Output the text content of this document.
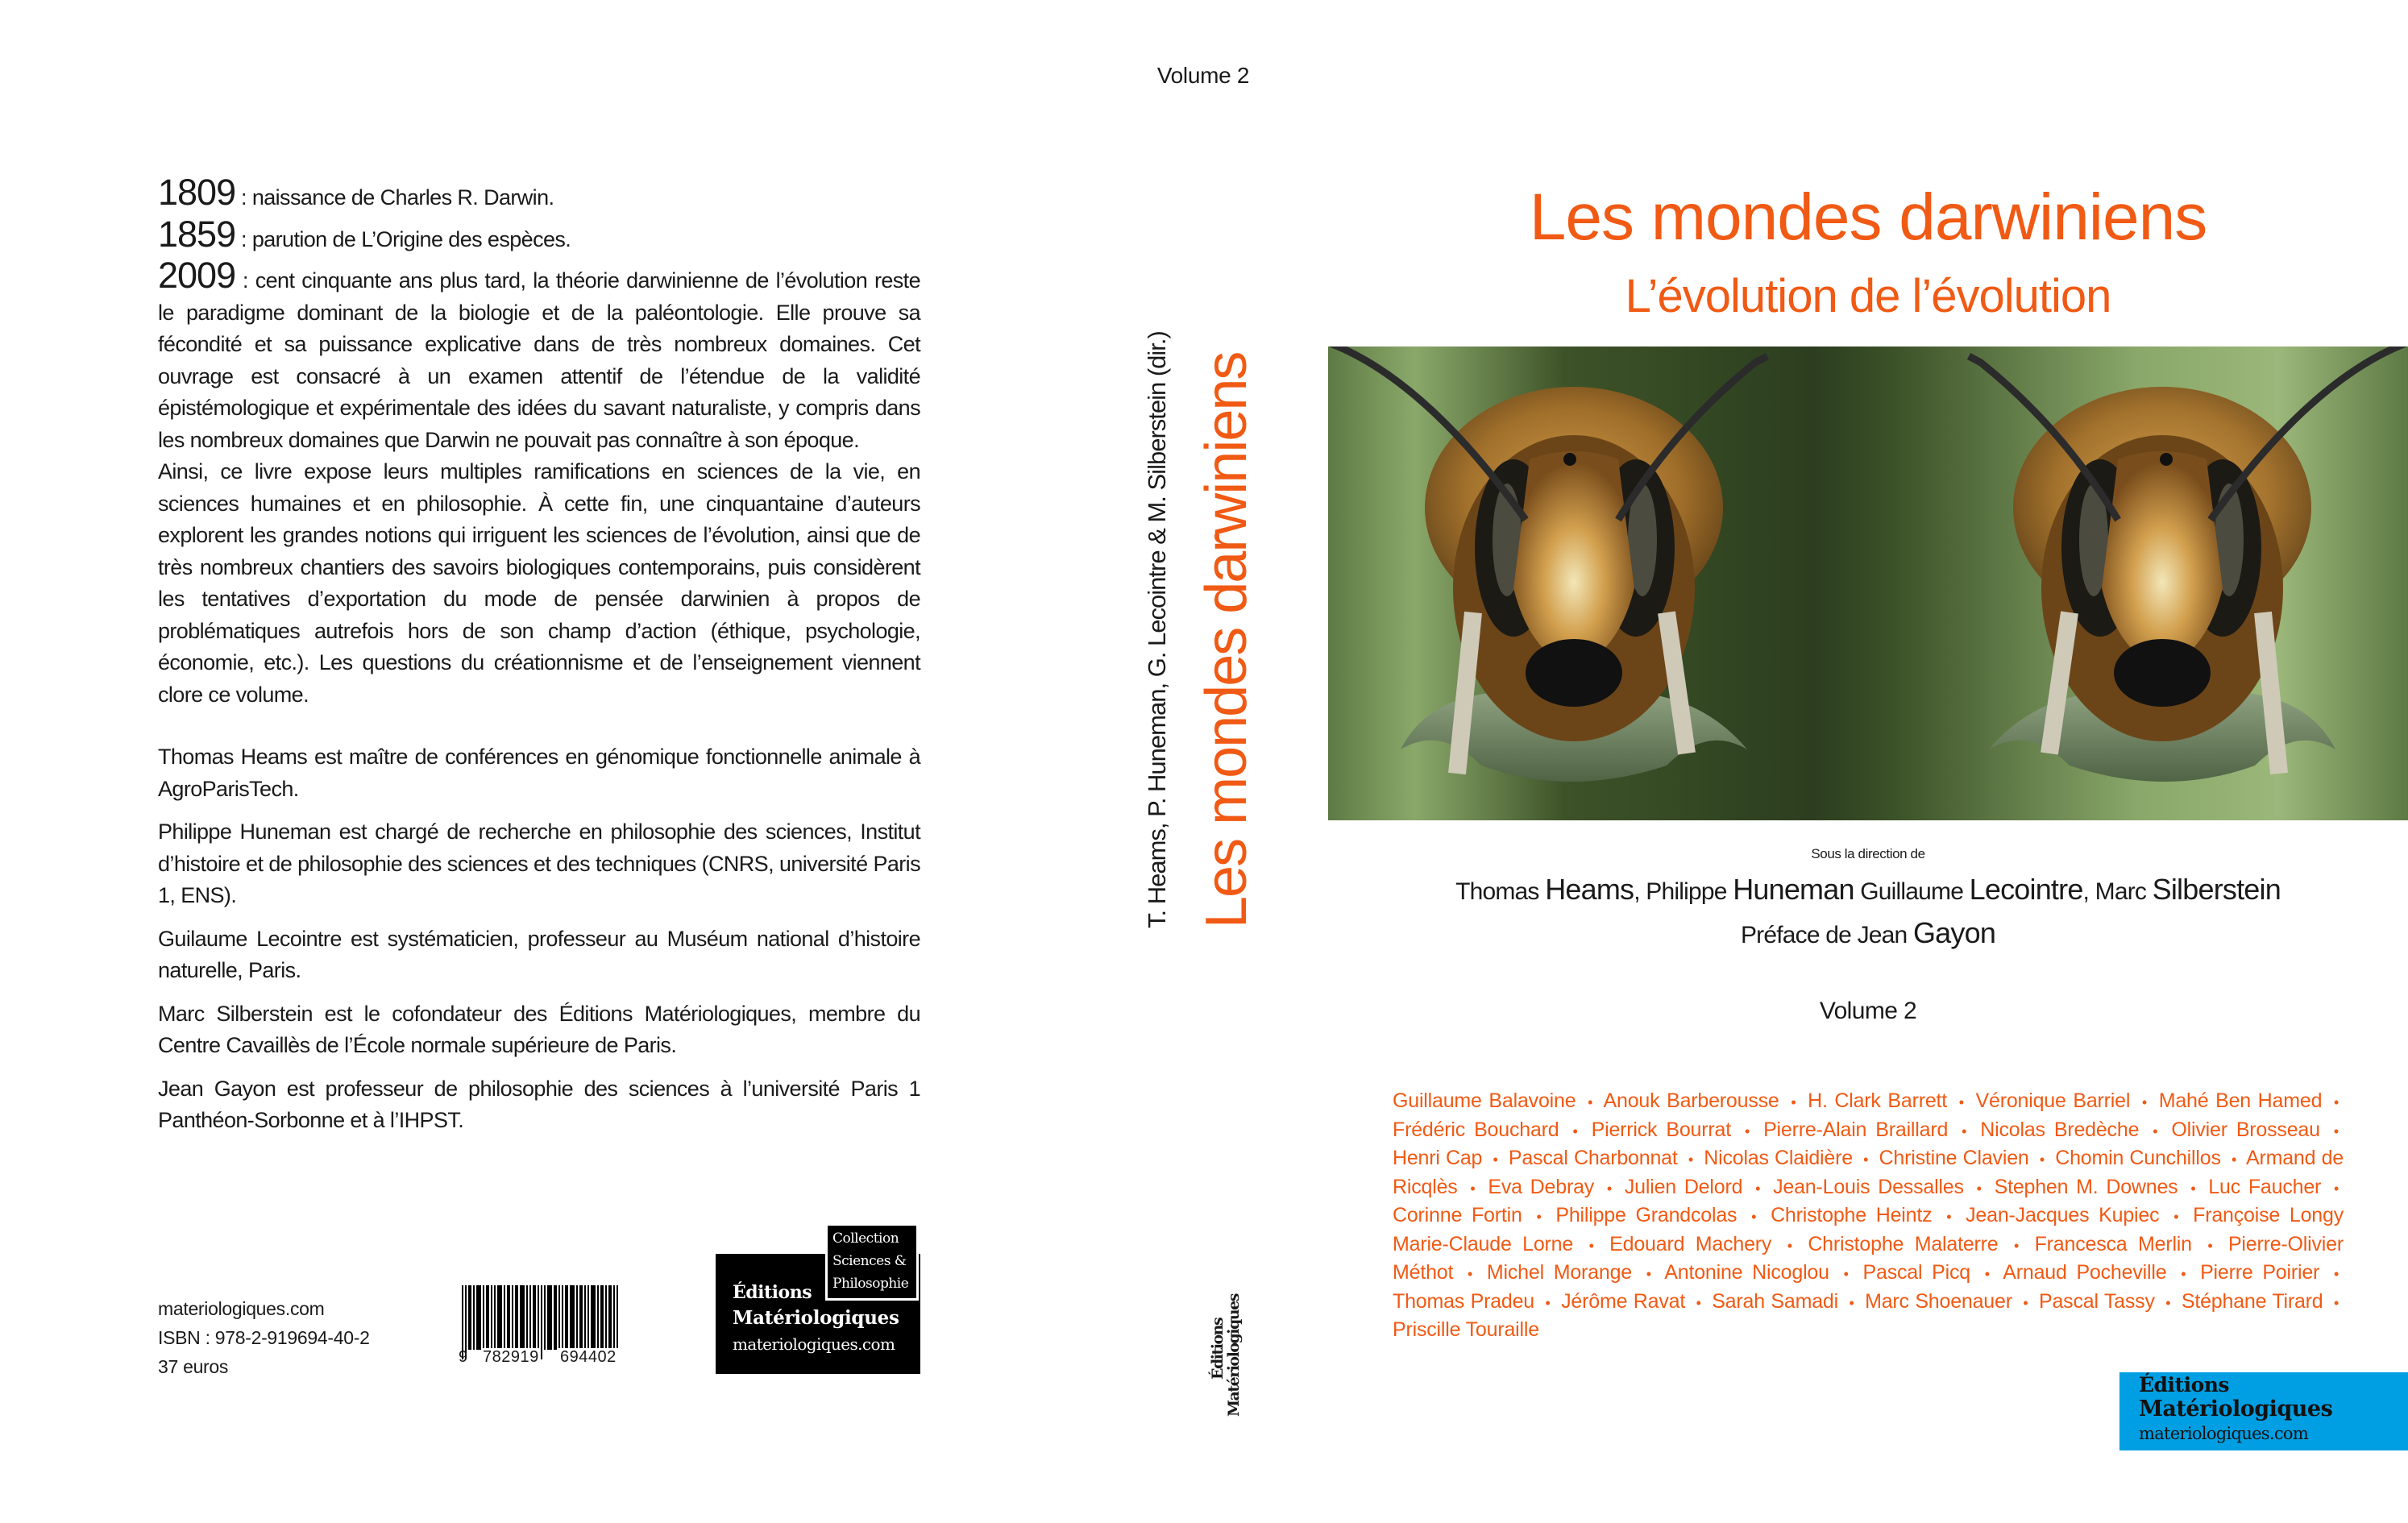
1809 : naissance de Charles R. Darwin.

1859 : parution de L’Origine des espèces.

2009 : cent cinquante ans plus tard, la théorie darwinienne de l’évolution reste le paradigme dominant de la biologie et de la paléontologie. Elle prouve sa fécondité et sa puissance explicative dans de très nombreux domaines. Cet ouvrage est consacré à un examen attentif de l’étendue de la validité épistémologique et expérimentale des idées du savant naturaliste, y compris dans les nombreux domaines que Darwin ne pouvait pas connaître à son époque.

Ainsi, ce livre expose leurs multiples ramifications en sciences de la vie, en sciences humaines et en philosophie. À cette fin, une cinquantaine d’auteurs explorent les grandes notions qui irriguent les sciences de l’évolution, ainsi que de très nombreux chantiers des savoirs biologiques contemporains, puis considèrent les tentatives d’exportation du mode de pensée darwinien à propos de problématiques autrefois hors de son champ d’action (éthique, psychologie, économie, etc.). Les questions du créationnisme et de l’enseignement viennent clore ce volume.

Thomas Heams est maître de conférences en génomique fonctionnelle animale à AgroParisTech.

Philippe Huneman est chargé de recherche en philosophie des sciences, Institut d’histoire et de philosophie des sciences et des techniques (CNRS, université Paris 1, ENS).

Guilaume Lecointre est systématicien, professeur au Muséum national d’histoire naturelle, Paris.

Marc Silberstein est le cofondateur des Éditions Matériologiques, membre du Centre Cavaillès de l’École normale supérieure de Paris.

Jean Gayon est professeur de philosophie des sciences à l’université Paris 1 Panthéon-Sorbonne et à l’IHPST.

materiologiques.com
ISBN : 978-2-919694-40-2
37 euros	9 782919 694402
Collection
Sciences &
Philosophie
Éditions
Matériologiques
materiologiques.com
Volume 2
T. Heams, P. Huneman, G. Lecointre & M. Silberstein (dir.) Les mondes darwiniens
Éditions
Matériologiques
Les mondes darwiniens
L’évolution de l’évolution
Sous la direction de
Thomas Heams, Philippe Huneman Guillaume Lecointre, Marc Silberstein
Préface de Jean Gayon
Volume 2
Guillaume Balavoine • Anouk Barberousse • H. Clark Barrett • Véronique Barriel • Mahé Ben Hamed • Frédéric Bouchard • Pierrick Bourrat • Pierre-Alain Braillard • Nicolas Bredèche • Olivier Brosseau • Henri Cap • Pascal Charbonnat • Nicolas Claidière • Christine Clavien • Chomin Cunchillos • Armand de Ricqlès • Eva Debray • Julien Delord • Jean-Louis Dessalles • Stephen M. Downes • Luc Faucher • Corinne Fortin • Philippe Grandcolas • Christophe Heintz • Jean-Jacques Kupiec • Françoise Longy Marie-Claude Lorne • Edouard Machery • Christophe Malaterre • Francesca Merlin • Pierre-Olivier Méthot • Michel Morange • Antonine Nicoglou • Pascal Picq • Arnaud Pocheville • Pierre Poirier • Thomas Pradeu • Jérôme Ravat • Sarah Samadi • Marc Shoenauer • Pascal Tassy • Stéphane Tirard • Priscille Touraille
Éditions
Matériologiques
materiologiques.com
